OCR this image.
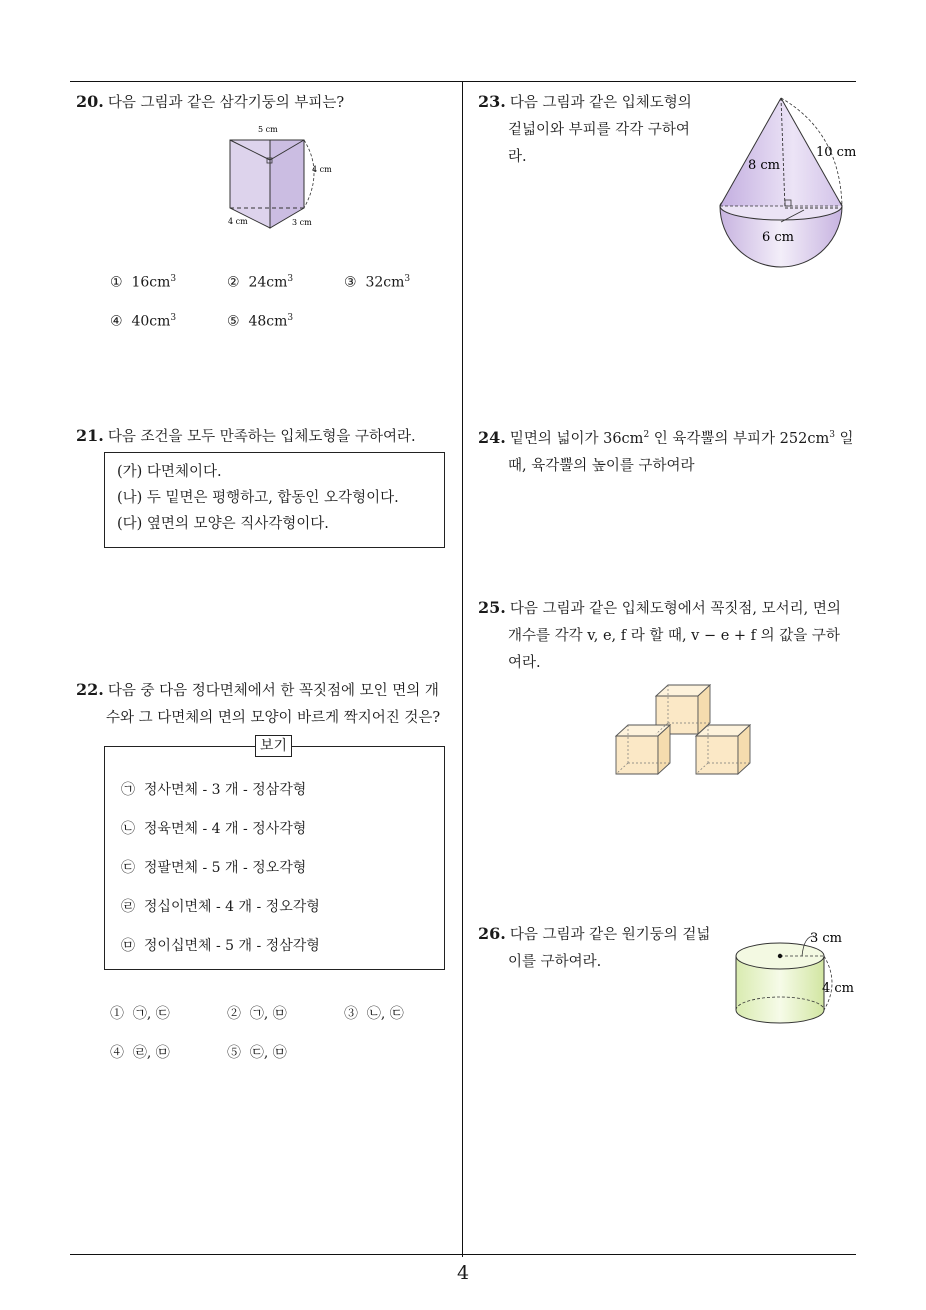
4
20. 다음 그림과 같은 삼각기둥의 부피는?
5 cm
4 cm
4 cm	3 cm
① $16cm^3$	② $24cm^3$	③ $32cm^3$
④ $40cm^3$	⑤ $48cm^3$
21. 다음 조건을 모두 만족하는 입체도형을 구하여라.
(가) 다면체이다.
(나) 두 밑면은 평행하고, 합동인 오각형이다.
(다) 옆면의 모양은 직사각형이다.
22. 다음 중 다음 정다면체에서 한 꼭짓점에 모인 면의 개
수와 그 다면체의 면의 모양이 바르게 짝지어진 것은?
보기
㉠ 정사면체 - 3 개 - 정삼각형
㉡ 정육면체 - 4 개 - 정사각형
㉢ 정팔면체 - 5 개 - 정오각형
㉣ 정십이면체 - 4 개 - 정오각형
㉤ 정이십면체 - 5 개 - 정삼각형
① ㉠, ㉢	② ㉠, ㉤	③ ㉡, ㉢
④ ㉣, ㉤	⑤ ㉢, ㉤
23. 다음 그림과 같은 입체도형의
겉넓이와 부피를 각각 구하여
라.
8 cm
10 cm
6 cm
24. 밑면의 넓이가 $36cm^2$ 인 육각뿔의 부피가 $252cm^3$ 일
때, 육각뿔의 높이를 구하여라
25. 다음 그림과 같은 입체도형에서 꼭짓점, 모서리, 면의
개수를 각각 v, e, f 라 할 때, v − e + f 의 값을 구하
여라.
26. 다음 그림과 같은 원기둥의 겉넓
이를 구하여라.
3 cm
4 cm
